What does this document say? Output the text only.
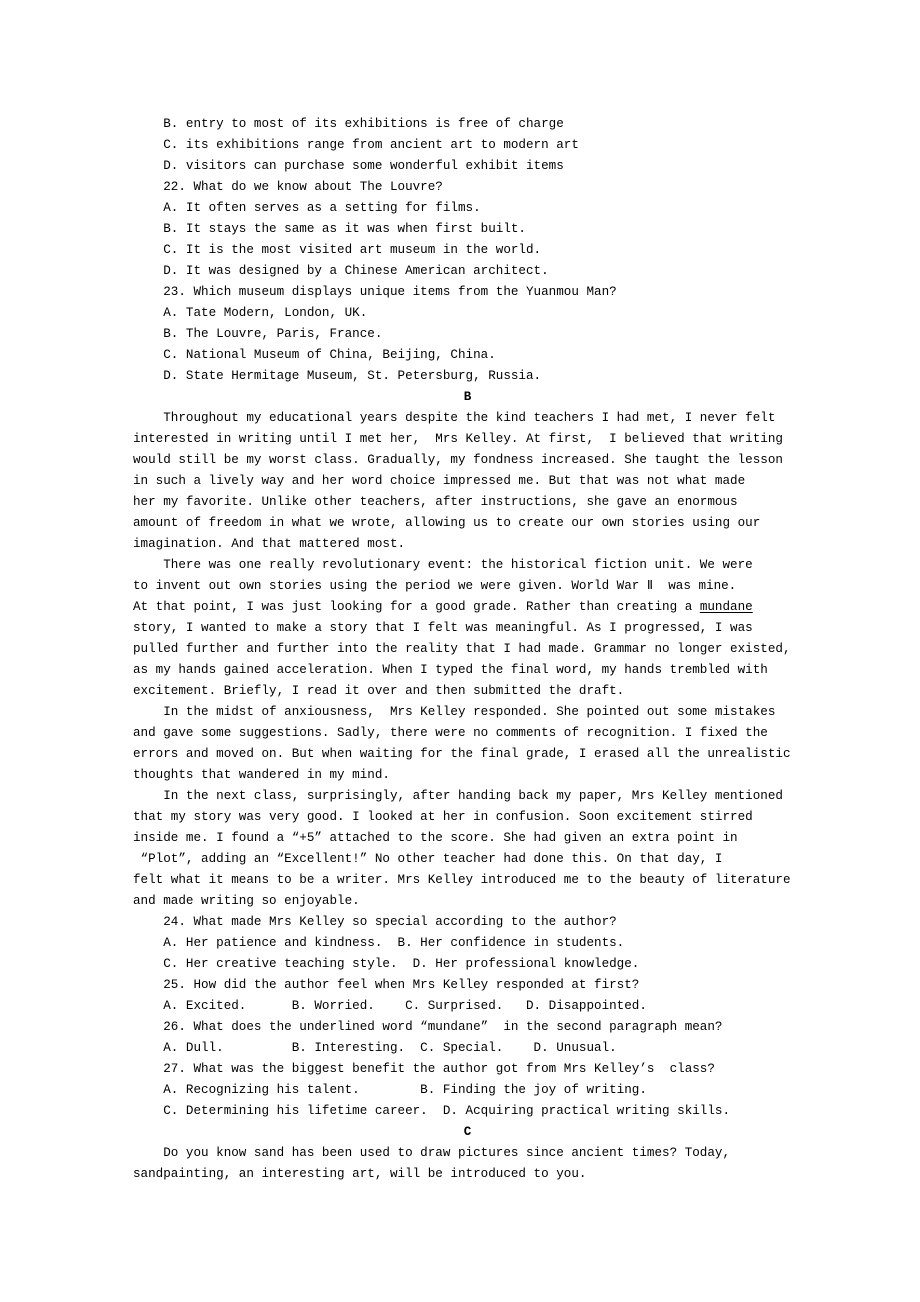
B. entry to most of its exhibitions is free of charge
C. its exhibitions range from ancient art to modern art
D. visitors can purchase some wonderful exhibit items
22. What do we know about The Louvre?
A. It often serves as a setting for films.
B. It stays the same as it was when first built.
C. It is the most visited art museum in the world.
D. It was designed by a Chinese American architect.
23. Which museum displays unique items from the Yuanmou Man?
A. Tate Modern, London, UK.
B. The Louvre, Paris, France.
C. National Museum of China, Beijing, China.
D. State Hermitage Museum, St. Petersburg, Russia.
B
Throughout my educational years despite the kind teachers I had met, I never felt
interested in writing until I met her,  Mrs Kelley. At first,  I believed that writing
would still be my worst class. Gradually, my fondness increased. She taught the lesson
in such a lively way and her word choice impressed me. But that was not what made
her my favorite. Unlike other teachers, after instructions, she gave an enormous
amount of freedom in what we wrote, allowing us to create our own stories using our
imagination. And that mattered most.
There was one really revolutionary event: the historical fiction unit. We were
to invent out own stories using the period we were given. World War Ⅱ  was mine.
At that point, I was just looking for a good grade. Rather than creating a mundane
story, I wanted to make a story that I felt was meaningful. As I progressed, I was
pulled further and further into the reality that I had made. Grammar no longer existed,
as my hands gained acceleration. When I typed the final word, my hands trembled with
excitement. Briefly, I read it over and then submitted the draft.
In the midst of anxiousness,  Mrs Kelley responded. She pointed out some mistakes
and gave some suggestions. Sadly, there were no comments of recognition. I fixed the
errors and moved on. But when waiting for the final grade, I erased all the unrealistic
thoughts that wandered in my mind.
In the next class, surprisingly, after handing back my paper, Mrs Kelley mentioned
that my story was very good. I looked at her in confusion. Soon excitement stirred
inside me. I found a “+5” attached to the score. She had given an extra point in
“Plot”, adding an “Excellent!” No other teacher had done this. On that day, I
felt what it means to be a writer. Mrs Kelley introduced me to the beauty of literature
and made writing so enjoyable.
24. What made Mrs Kelley so special according to the author?
A. Her patience and kindness.  B. Her confidence in students.
C. Her creative teaching style.  D. Her professional knowledge.
25. How did the author feel when Mrs Kelley responded at first?
A. Excited.      B. Worried.    C. Surprised.   D. Disappointed.
26. What does the underlined word “mundane”  in the second paragraph mean?
A. Dull.         B. Interesting.  C. Special.    D. Unusual.
27. What was the biggest benefit the author got from Mrs Kelley’s  class?
A. Recognizing his talent.        B. Finding the joy of writing.
C. Determining his lifetime career.  D. Acquiring practical writing skills.
C
Do you know sand has been used to draw pictures since ancient times? Today,
sandpainting, an interesting art, will be introduced to you.
